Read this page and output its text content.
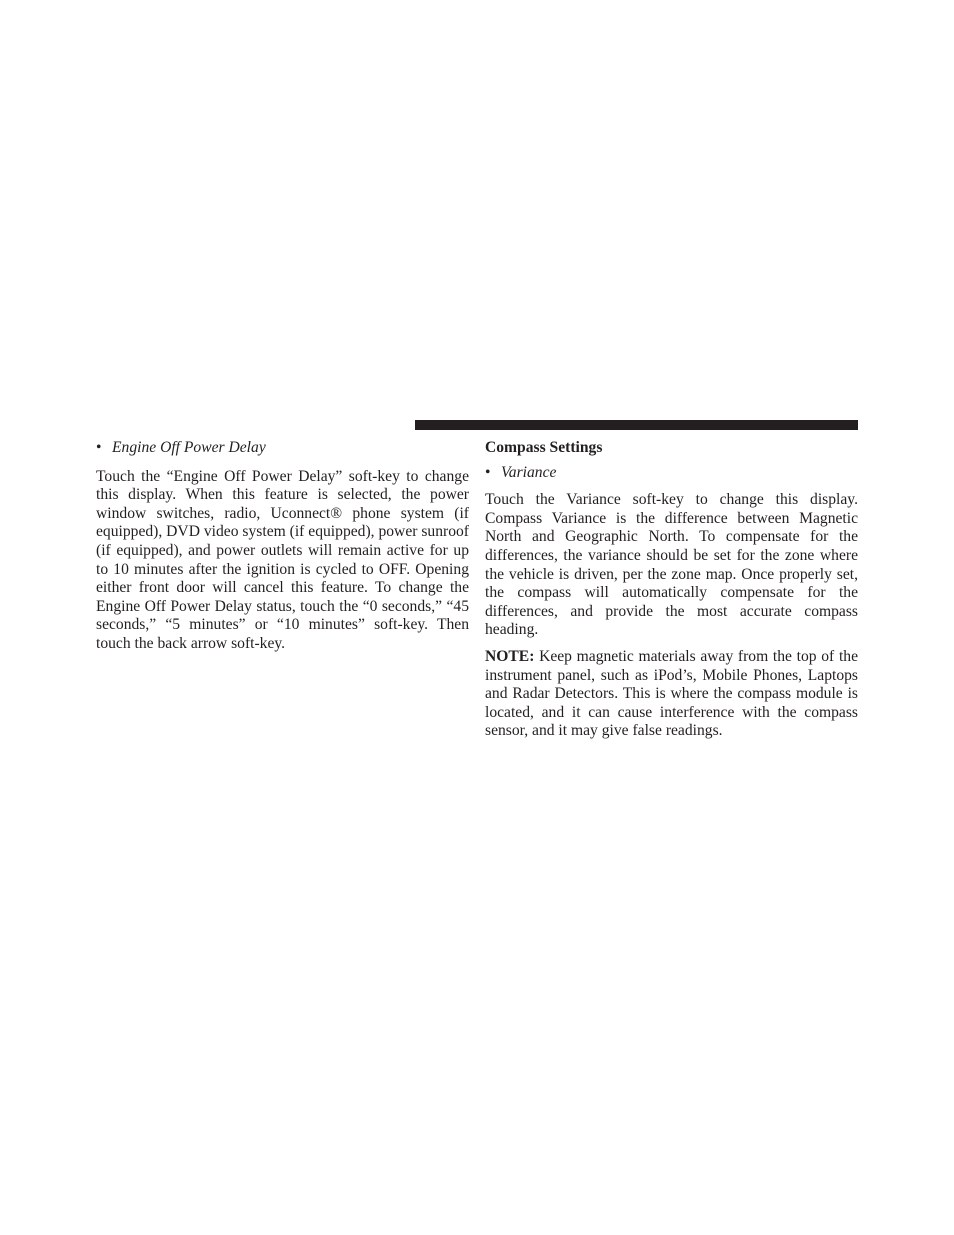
• Engine Off Power Delay

Touch the “Engine Off Power Delay” soft-key to change this display. When this feature is selected, the power window switches, radio, Uconnect® phone system (if equipped), DVD video system (if equipped), power sunroof (if equipped), and power outlets will remain active for up to 10 minutes after the ignition is cycled to OFF. Opening either front door will cancel this feature. To change the Engine Off Power Delay status, touch the “0 seconds,” “45 seconds,” “5 minutes” or “10 minutes” soft-key. Then touch the back arrow soft-key.

Compass Settings

• Variance

Touch the Variance soft-key to change this display. Compass Variance is the difference between Magnetic North and Geographic North. To compensate for the differences, the variance should be set for the zone where the vehicle is driven, per the zone map. Once properly set, the compass will automatically compensate for the differences, and provide the most accurate compass heading.

NOTE: Keep magnetic materials away from the top of the instrument panel, such as iPod’s, Mobile Phones, Laptops and Radar Detectors. This is where the compass module is located, and it can cause interference with the compass sensor, and it may give false readings.
